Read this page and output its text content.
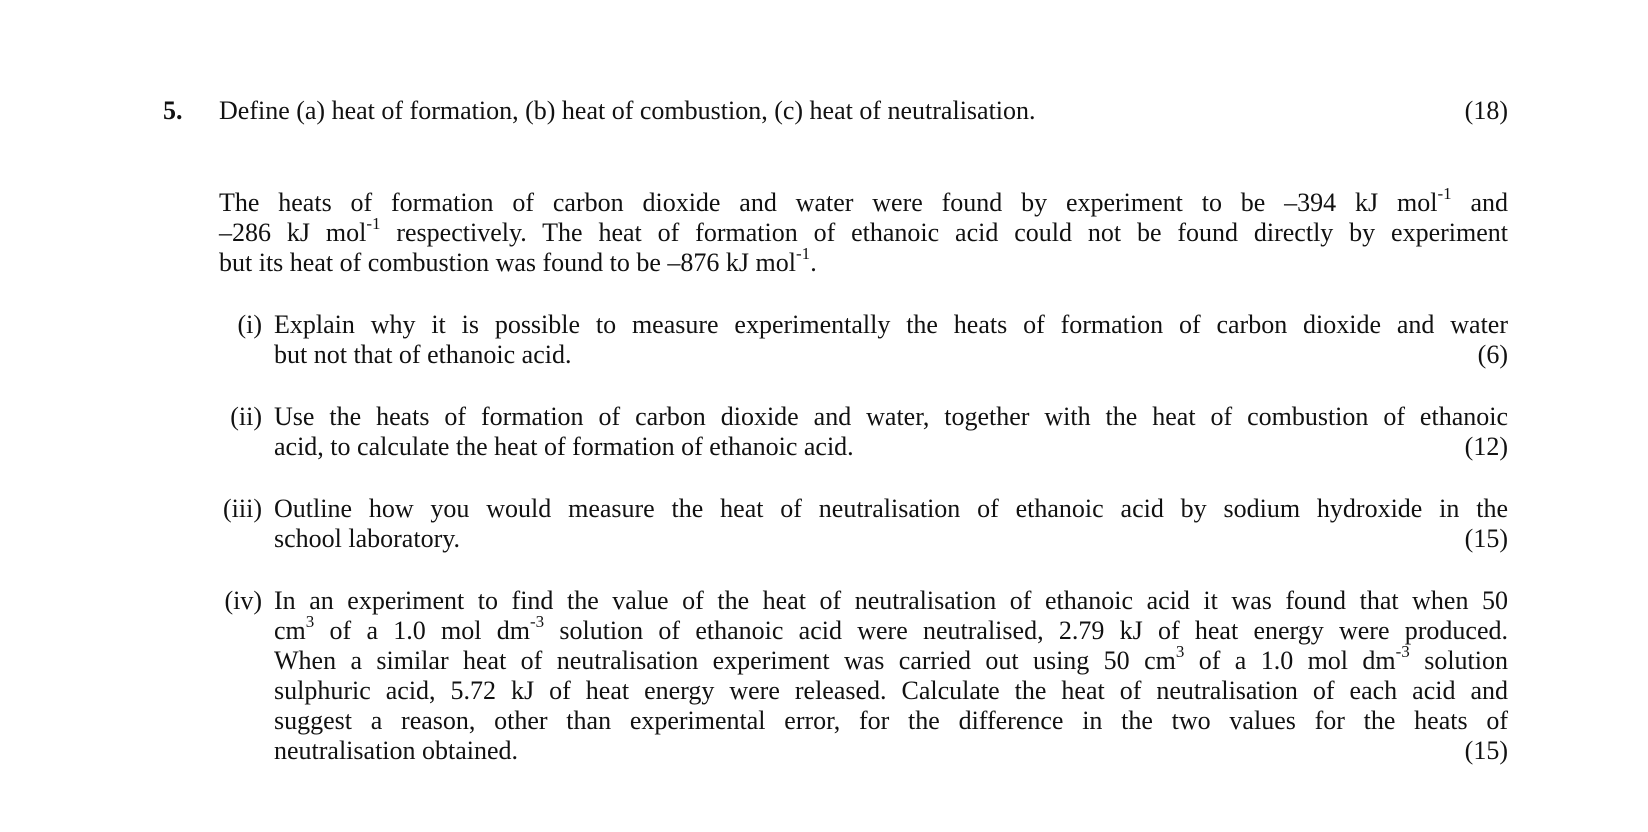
5. Define (a) heat of formation, (b) heat of combustion, (c) heat of neutralisation.	(18)
The heats of formation of carbon dioxide and water were found by experiment to be –394 kJ mol$^{-1}$ and
–286 kJ mol$^{-1}$ respectively. The heat of formation of ethanoic acid could not be found directly by experiment
but its heat of combustion was found to be –876 kJ mol$^{-1}$.
(i) Explain why it is possible to measure experimentally the heats of formation of carbon dioxide and water
but not that of ethanoic acid.	(6)
(ii) Use the heats of formation of carbon dioxide and water, together with the heat of combustion of ethanoic
acid, to calculate the heat of formation of ethanoic acid.	(12)
(iii) Outline how you would measure the heat of neutralisation of ethanoic acid by sodium hydroxide in the
school laboratory.	(15)
(iv) In an experiment to find the value of the heat of neutralisation of ethanoic acid it was found that when 50
$cm^3$ of a 1.0 mol $dm^{-3}$ solution of ethanoic acid were neutralised, 2.79 kJ of heat energy were produced.
When a similar heat of neutralisation experiment was carried out using 50 $cm^3$ of a 1.0 mol $dm^{-3}$ solution
sulphuric acid, 5.72 kJ of heat energy were released. Calculate the heat of neutralisation of each acid and
suggest a reason, other than experimental error, for the difference in the two values for the heats of
neutralisation obtained.	(15)
